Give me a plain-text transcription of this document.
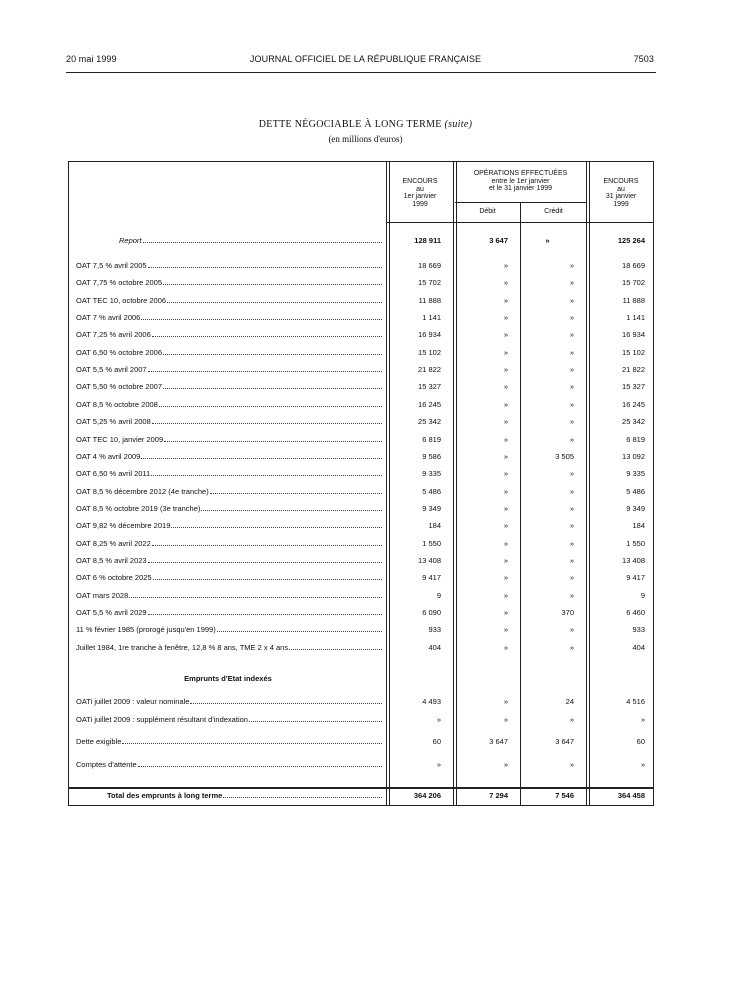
20 mai 1999	JOURNAL OFFICIEL DE LA RÉPUBLIQUE FRANÇAISE	7503
DETTE NÉGOCIABLE À LONG TERME (suite)
(en millions d'euros)
ENCOURS
au
1er janvier
1999
OPÉRATIONS EFFECTUÉES
entre le 1er janvier
et le 31 janvier 1999
Débit	Crédit
ENCOURS
au
31 janvier
1999
Report	128 911	3 647	»	125 264
OAT 7,5 % avril 2005	18 669	»	»	18 669
OAT 7,75 % octobre 2005	15 702	»	»	15 702
OAT TEC 10, octobre 2006	11 888	»	»	11 888
OAT 7 % avril 2006	1 141	»	»	1 141
OAT 7,25 % avril 2006	16 934	»	»	16 934
OAT 6,50 % octobre 2006	15 102	»	»	15 102
OAT 5,5 % avril 2007	21 822	»	»	21 822
OAT 5,50 % octobre 2007	15 327	»	»	15 327
OAT 8,5 % octobre 2008	16 245	»	»	16 245
OAT 5,25 % avril 2008	25 342	»	»	25 342
OAT TEC 10, janvier 2009	6 819	»	»	6 819
OAT 4 % avril 2009	9 586	»	3 505	13 092
OAT 6,50 % avril 2011	9 335	»	»	9 335
OAT 8,5 % décembre 2012 (4e tranche)	5 486	»	»	5 486
OAT 8,5 % octobre 2019 (3e tranche)	9 349	»	»	9 349
OAT 9,82 % décembre 2019	184	»	»	184
OAT 8,25 % avril 2022	1 550	»	»	1 550
OAT 8,5 % avril 2023	13 408	»	»	13 408
OAT 6 % octobre 2025	9 417	»	»	9 417
OAT mars 2028	9	»	»	9
OAT 5,5 % avril 2029	6 090	»	370	6 460
11 % février 1985 (prorogé jusqu'en 1999)	933	»	»	933
Juillet 1984, 1re tranche à fenêtre, 12,8 % 8 ans, TME 2 x 4 ans	404	»	»	404
Emprunts d'Etat indexés
OATi juillet 2009 : valeur nominale	4 493	»	24	4 516
OATi juillet 2009 : supplément résultant d'indexation	»	»	»	»
Dette exigible	60	3 647	3 647	60
Comptes d'attente	»	»	»	»
Total des emprunts à long terme	364 206	7 294	7 546	364 458
